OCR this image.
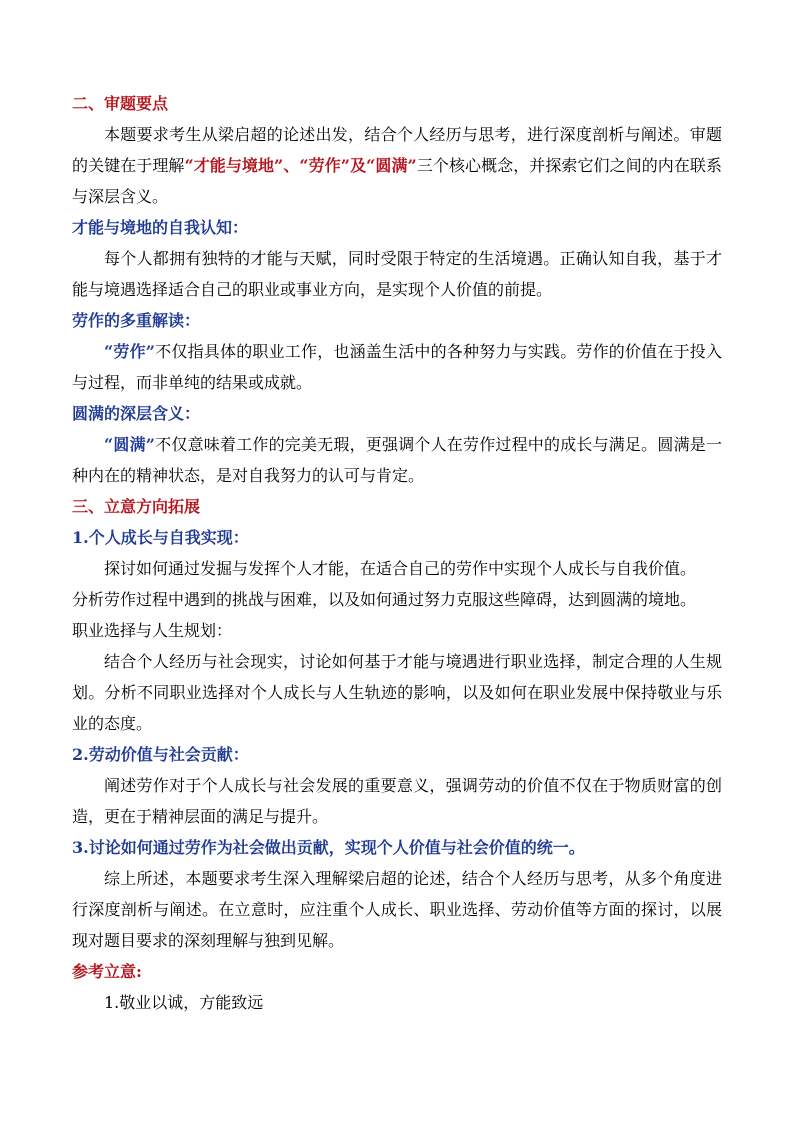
二、审题要点
本题要求考生从梁启超的论述出发，结合个人经历与思考，进行深度剖析与阐述。审题的关键在于理解“才能与境地”、“劳作”及“圆满”三个核心概念，并探索它们之间的内在联系与深层含义。
才能与境地的自我认知：
每个人都拥有独特的才能与天赋，同时受限于特定的生活境遇。正确认知自我，基于才能与境遇选择适合自己的职业或事业方向，是实现个人价值的前提。
劳作的多重解读：
“劳作”不仅指具体的职业工作，也涵盖生活中的各种努力与实践。劳作的价值在于投入与过程，而非单纯的结果或成就。
圆满的深层含义：
“圆满”不仅意味着工作的完美无瑕，更强调个人在劳作过程中的成长与满足。圆满是一种内在的精神状态，是对自我努力的认可与肯定。
三、立意方向拓展
1.个人成长与自我实现：
探讨如何通过发掘与发挥个人才能，在适合自己的劳作中实现个人成长与自我价值。
分析劳作过程中遇到的挑战与困难，以及如何通过努力克服这些障碍，达到圆满的境地。
职业选择与人生规划：
结合个人经历与社会现实，讨论如何基于才能与境遇进行职业选择，制定合理的人生规划。分析不同职业选择对个人成长与人生轨迹的影响，以及如何在职业发展中保持敬业与乐业的态度。
2.劳动价值与社会贡献：
阐述劳作对于个人成长与社会发展的重要意义，强调劳动的价值不仅在于物质财富的创造，更在于精神层面的满足与提升。
3.讨论如何通过劳作为社会做出贡献，实现个人价值与社会价值的统一。
综上所述，本题要求考生深入理解梁启超的论述，结合个人经历与思考，从多个角度进行深度剖析与阐述。在立意时，应注重个人成长、职业选择、劳动价值等方面的探讨，以展现对题目要求的深刻理解与独到见解。
参考立意:
1.敬业以诚，方能致远
